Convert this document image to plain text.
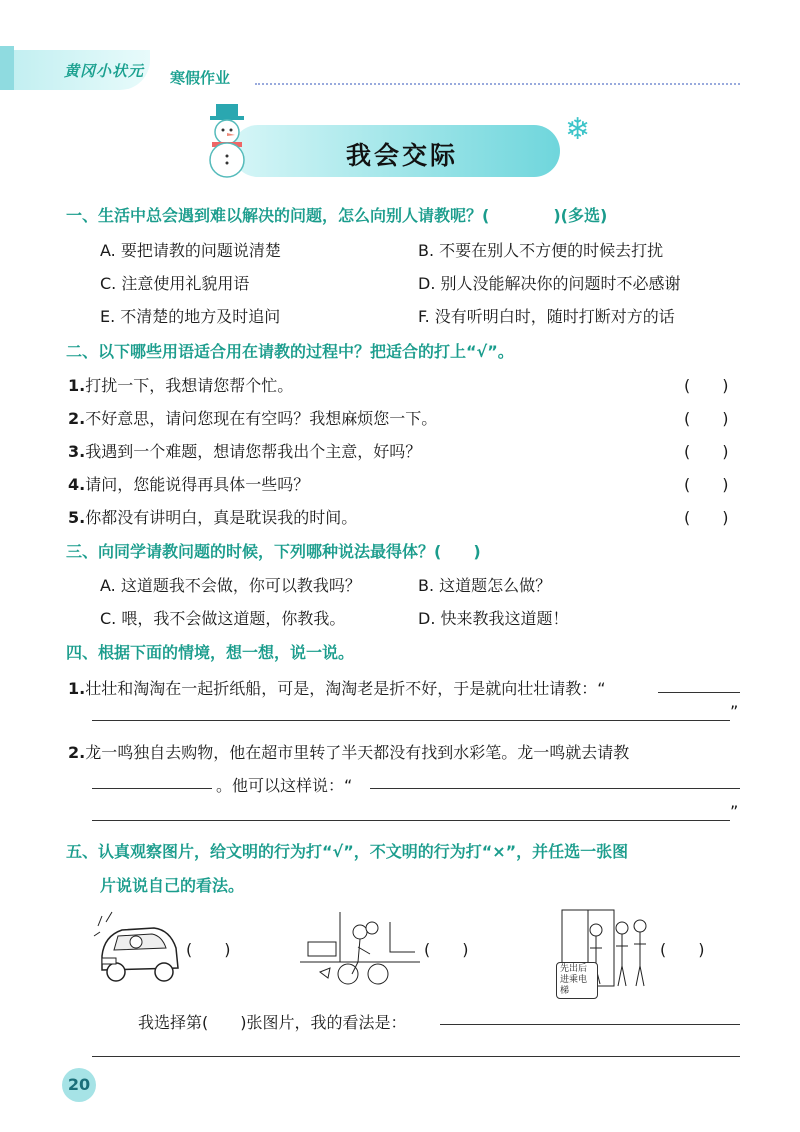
黄冈小状元 寒假作业
我会交际
❄
一、生活中总会遇到难以解决的问题，怎么向别人请教呢？(　　　　)(多选)
A. 要把请教的问题说清楚	B. 不要在别人不方便的时候去打扰
C. 注意使用礼貌用语	D. 别人没能解决你的问题时不必感谢
E. 不清楚的地方及时追问	F. 没有听明白时，随时打断对方的话
二、以下哪些用语适合用在请教的过程中？把适合的打上“√”。
1.打扰一下，我想请您帮个忙。	(　　)
2.不好意思，请问您现在有空吗？我想麻烦您一下。	(　　)
3.我遇到一个难题，想请您帮我出个主意，好吗？	(　　)
4.请问，您能说得再具体一些吗？	(　　)
5.你都没有讲明白，真是耽误我的时间。	(　　)
三、向同学请教问题的时候，下列哪种说法最得体？(　　)
A. 这道题我不会做，你可以教我吗？	B. 这道题怎么做？
C. 喂，我不会做这道题，你教我。	D. 快来教我这道题！
四、根据下面的情境，想一想，说一说。
1.壮壮和淘淘在一起折纸船，可是，淘淘老是折不好，于是就向壮壮请教：“
”
2.龙一鸣独自去购物，他在超市里转了半天都没有找到水彩笔。龙一鸣就去请教
。他可以这样说：“
”
五、认真观察图片，给文明的行为打“√”，不文明的行为打“×”，并任选一张图
片说说自己的看法。
(　　)	(　　)
先出后进乘电梯
(　　)
我选择第(　　)张图片，我的看法是：
20
